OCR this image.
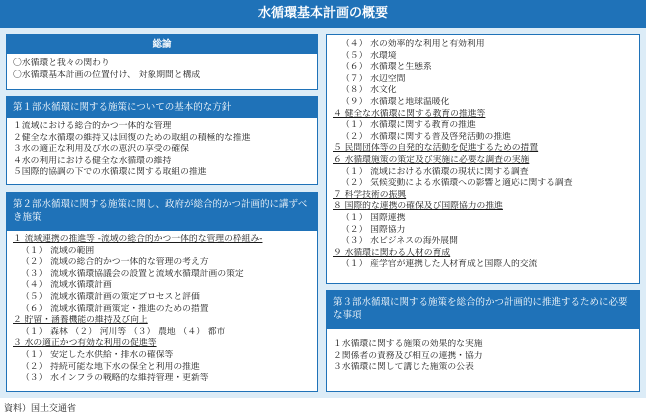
水循環基本計画の概要
総論
〇水循環と我々の関わり
〇水循環基本計画の位置付け、 対象期間と構成
第１部水循環に関する施策についての基本的な方針
１流域における総合的かつ一体的な管理
２健全な水循環の維持又は回復のための取組の積極的な推進
３水の適正な利用及び水の恵沢の享受の確保
４水の利用における健全な水循環の維持
５国際的協調の下での水循環に関する取組の推進
第２部水循環に関する施策に関し、政府が総合的かつ計画的に講ずべき施策
１ 流域連携の推進等 -流域の総合的かつ一体的な管理の枠組み-
（１） 流域の範囲
（２） 流域の総合的かつ一体的な管理の考え方
（３） 流域水循環協議会の設置と流域水循環計画の策定
（４） 流域水循環計画
（５） 流域水循環計画の策定プロセスと評価
（６） 流域水循環計画策定・推進のための措置
２ 貯留・涵養機能の維持及び向上
（１） 森林 （２） 河川等 （３） 農地 （４） 都市
３ 水の適正かつ有効な利用の促進等
（１） 安定した水供給・排水の確保等
（２） 持続可能な地下水の保全と利用の推進
（３） 水インフラの戦略的な維持管理・更新等
（４） 水の効率的な利用と有効利用
（５） 水環境
（６） 水循環と生態系
（７） 水辺空間
（８） 水文化
（９） 水循環と地球温暖化
４ 健全な水循環に関する教育の推進等
（１） 水循環に関する教育の推進
（２） 水循環に関する普及啓発活動の推進
５ 民間団体等の自発的な活動を促進するための措置
６ 水循環施策の策定及び実施に必要な調査の実施
（１） 流域における水循環の現状に関する調査
（２） 気候変動による水循環への影響と適応に関する調査
７ 科学技術の振興
８ 国際的な連携の確保及び国際協力の推進
（１） 国際連携
（２） 国際協力
（３） 水ビジネスの海外展開
９ 水循環に関わる人材の育成
（１） 産学官が連携した人材育成と国際人的交流
第３部水循環に関する施策を総合的かつ計画的に推進するために必要な事項
１水循環に関する施策の効果的な実施
２関係者の責務及び相互の連携・協力
３水循環に関して講じた施策の公表
資料）国土交通省
